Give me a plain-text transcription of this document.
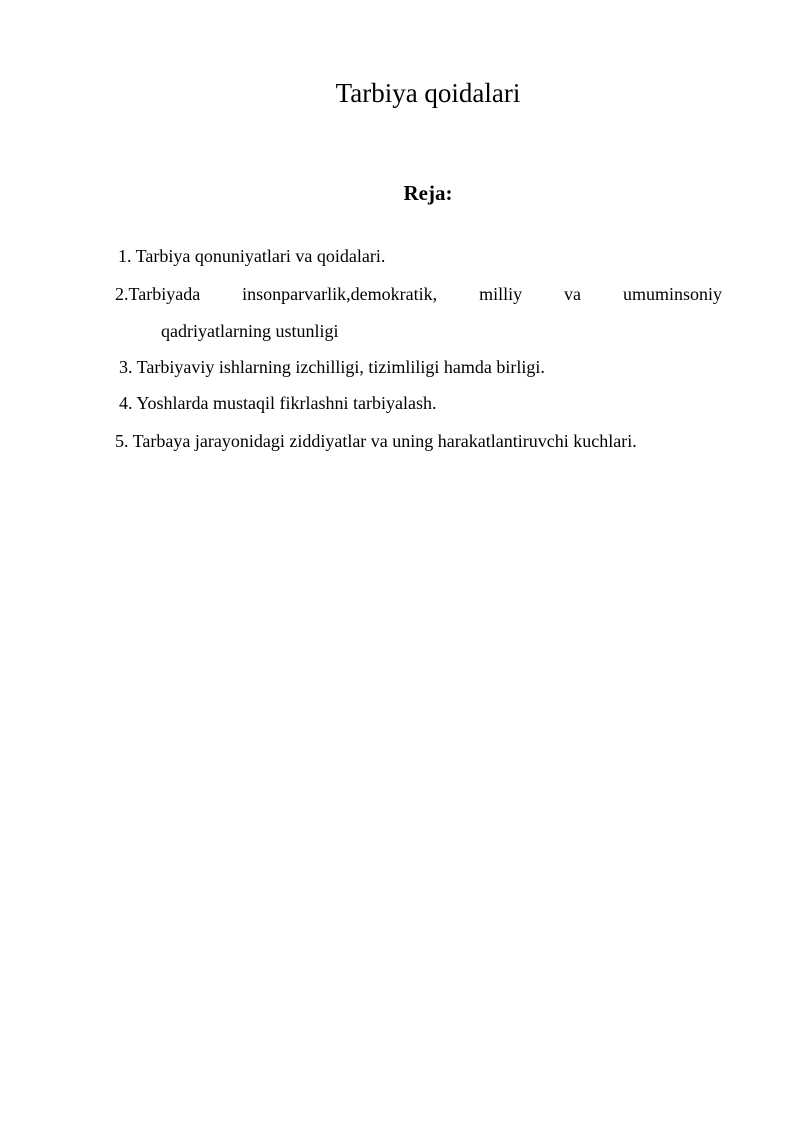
Tarbiya qoidalari
Reja:
1. Tarbiya qonuniyatlari va qoidalari.
2.Tarbiyada insonparvarlik,demokratik, milliy va umuminsoniy
qadriyatlarning ustunligi
3. Tarbiyaviy ishlarning izchilligi, tizimliligi hamda birligi.
4. Yoshlarda mustaqil fikrlashni tarbiyalash.
5. Tarbaya jarayonidagi ziddiyatlar va uning harakatlantiruvchi kuchlari.
